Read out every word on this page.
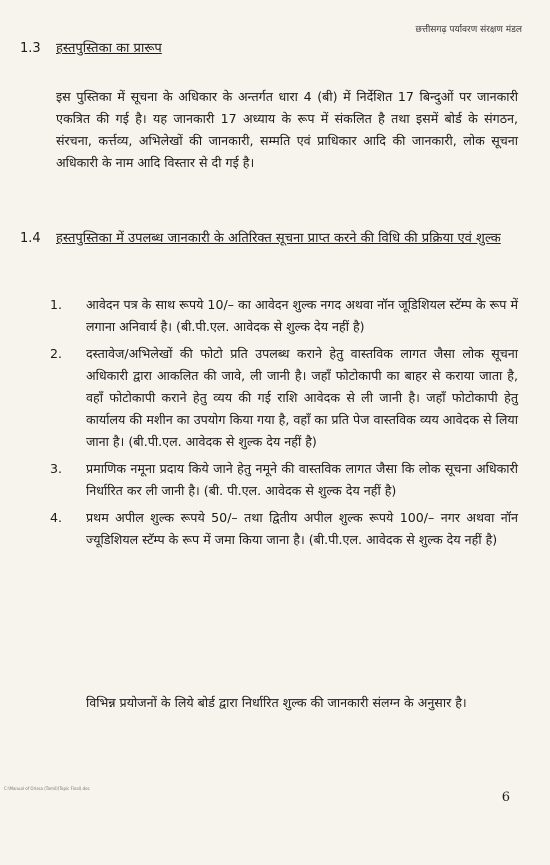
छत्तीसगढ़ पर्यावरण संरक्षण मंडल
1.3	हस्तपुस्तिका का प्रारूप
इस पुस्तिका में सूचना के अधिकार के अन्तर्गत धारा 4 (बी) में निर्देशित 17 बिन्दुओं पर जानकारी एकत्रित की गई है। यह जानकारी 17 अध्याय के रूप में संकलित है तथा इसमें बोर्ड के संगठन, संरचना, कर्त्तव्य, अभिलेखों की जानकारी, सम्मति एवं प्राधिकार आदि की जानकारी, लोक सूचना अधिकारी के नाम आदि विस्तार से दी गई है।
1.4	हस्तपुस्तिका में उपलब्ध जानकारी के अतिरिक्त सूचना प्राप्त करने की विधि की प्रक्रिया एवं शुल्क
1.	आवेदन पत्र के साथ रूपये 10/– का आवेदन शुल्क नगद अथवा नॉन जूडिशियल स्टॅम्प के रूप में लगाना अनिवार्य है। (बी.पी.एल. आवेदक से शुल्क देय नहीं है)
2.	दस्तावेज/अभिलेखों की फोटो प्रति उपलब्ध कराने हेतु वास्तविक लागत जैसा लोक सूचना अधिकारी द्वारा आकलित की जावे, ली जानी है। जहाँ फोटोकापी का बाहर से कराया जाता है, वहाँ फोटोकापी कराने हेतु व्यय की गई राशि आवेदक से ली जानी है। जहाँ फोटोकापी हेतु कार्यालय की मशीन का उपयोग किया गया है, वहाँ का प्रति पेज वास्तविक व्यय आवेदक से लिया जाना है। (बी.पी.एल. आवेदक से शुल्क देय नहीं है)
3.	प्रमाणिक नमूना प्रदाय किये जाने हेतु नमूने की वास्तविक लागत जैसा कि लोक सूचना अधिकारी निर्धारित कर ली जानी है। (बी. पी.एल. आवेदक से शुल्क देय नहीं है)
4.	प्रथम अपील शुल्क रूपये 50/– तथा द्वितीय अपील शुल्क रूपये 100/– नगर अथवा नॉन ज्यूडिशियल स्टॅम्प के रूप में जमा किया जाना है। (बी.पी.एल. आवेदक से शुल्क देय नहीं है)
विभिन्न प्रयोजनों के लिये बोर्ड द्वारा निर्धारित शुल्क की जानकारी संलग्न के अनुसार है।
C:\Manual of Orissa (Tamil)(Topic Final).doc
6
